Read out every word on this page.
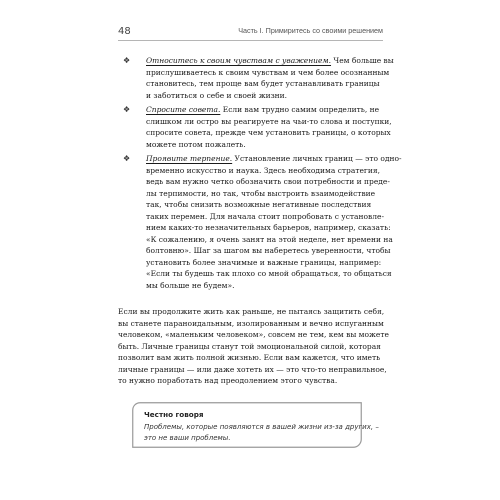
48	Часть I. Примиритесь со своими решением
❖ Относитесь к своим чувствам с уважением. Чем больше вы
прислушиваетесь к своим чувствам и чем более осознанным
становитесь, тем проще вам будет устанавливать границы
и заботиться о себе и своей жизни.
❖ Спросите совета. Если вам трудно самим определить, не
слишком ли остро вы реагируете на чьи-то слова и поступки,
спросите совета, прежде чем установить границы, о которых
можете потом пожалеть.
❖ Проявите терпение. Установление личных границ — это одно-
временно искусство и наука. Здесь необходима стратегия,
ведь вам нужно четко обозначить свои потребности и преде-
лы терпимости, но так, чтобы выстроить взаимодействие
так, чтобы снизить возможные негативные последствия
таких перемен. Для начала стоит попробовать с установле-
нием каких-то незначительных барьеров, например, сказать:
«К сожалению, я очень занят на этой неделе, нет времени на
болтовню». Шаг за шагом вы наберетесь уверенности, чтобы
установить более значимые и важные границы, например:
«Если ты будешь так плохо со мной обращаться, то общаться
мы больше не будем».
Если вы продолжите жить как раньше, не пытаясь защитить себя,
вы станете параноидальным, изолированным и вечно испуганным
человеком, «маленьким человеком», совсем не тем, кем вы можете
быть. Личные границы станут той эмоциональной силой, которая
позволит вам жить полной жизнью. Если вам кажется, что иметь
личные границы — или даже хотеть их — это что-то неправильное,
то нужно поработать над преодолением этого чувства.
Честно говоря
Проблемы, которые появляются в вашей жизни из-за других, –
это не ваши проблемы.
